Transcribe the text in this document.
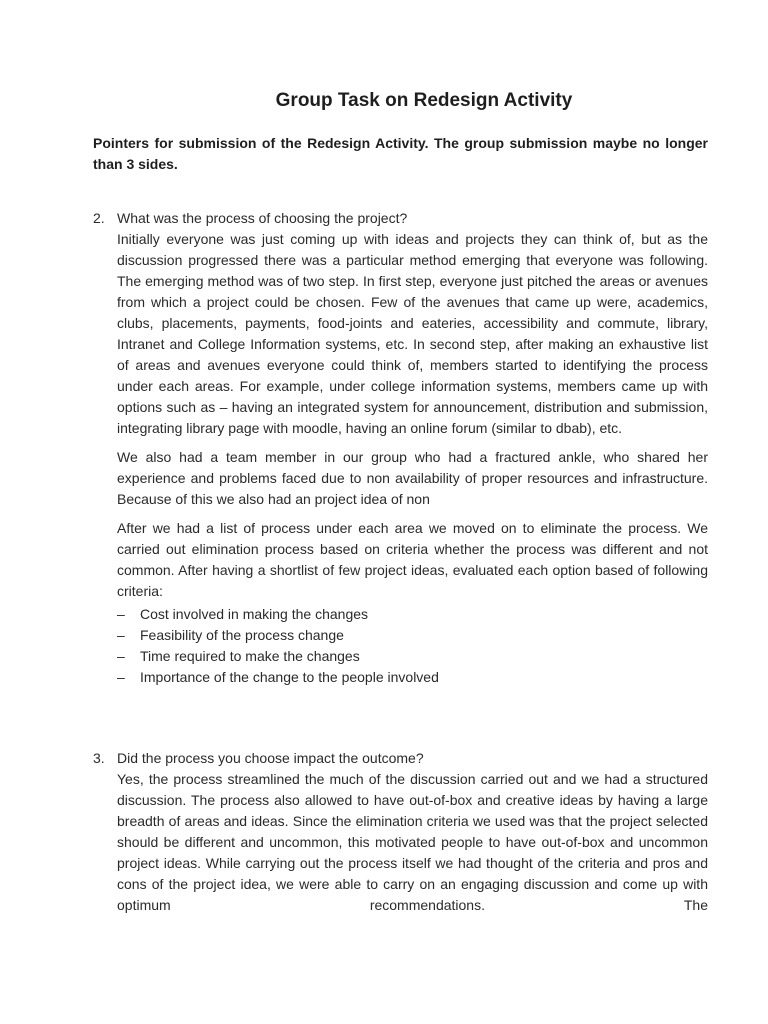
Group Task on Redesign Activity
Pointers for submission of the Redesign Activity. The group submission maybe no longer than 3 sides.
2. What was the process of choosing the project?

Initially everyone was just coming up with ideas and projects they can think of, but as the discussion progressed there was a particular method emerging that everyone was following. The emerging method was of two step. In first step, everyone just pitched the areas or avenues from which a project could be chosen. Few of the avenues that came up were, academics, clubs, placements, payments, food-joints and eateries, accessibility and commute, library, Intranet and College Information systems, etc. In second step, after making an exhaustive list of areas and avenues everyone could think of, members started to identifying the process under each areas. For example, under college information systems, members came up with options such as – having an integrated system for announcement, distribution and submission, integrating library page with moodle, having an online forum (similar to dbab), etc.

We also had a team member in our group who had a fractured ankle, who shared her experience and problems faced due to non availability of proper resources and infrastructure. Because of this we also had an project idea of non

After we had a list of process under each area we moved on to eliminate the process. We carried out elimination process based on criteria whether the process was different and not common. After having a shortlist of few project ideas, evaluated each option based of following criteria:

– Cost involved in making the changes
– Feasibility of the process change
– Time required to make the changes
– Importance of the change to the people involved
3. Did the process you choose impact the outcome?

Yes, the process streamlined the much of the discussion carried out and we had a structured discussion. The process also allowed to have out-of-box and creative ideas by having a large breadth of areas and ideas. Since the elimination criteria we used was that the project selected should be different and uncommon, this motivated people to have out-of-box and uncommon project ideas. While carrying out the process itself we had thought of the criteria and pros and cons of the project idea, we were able to carry on an engaging discussion and come up with optimum recommendations. The
